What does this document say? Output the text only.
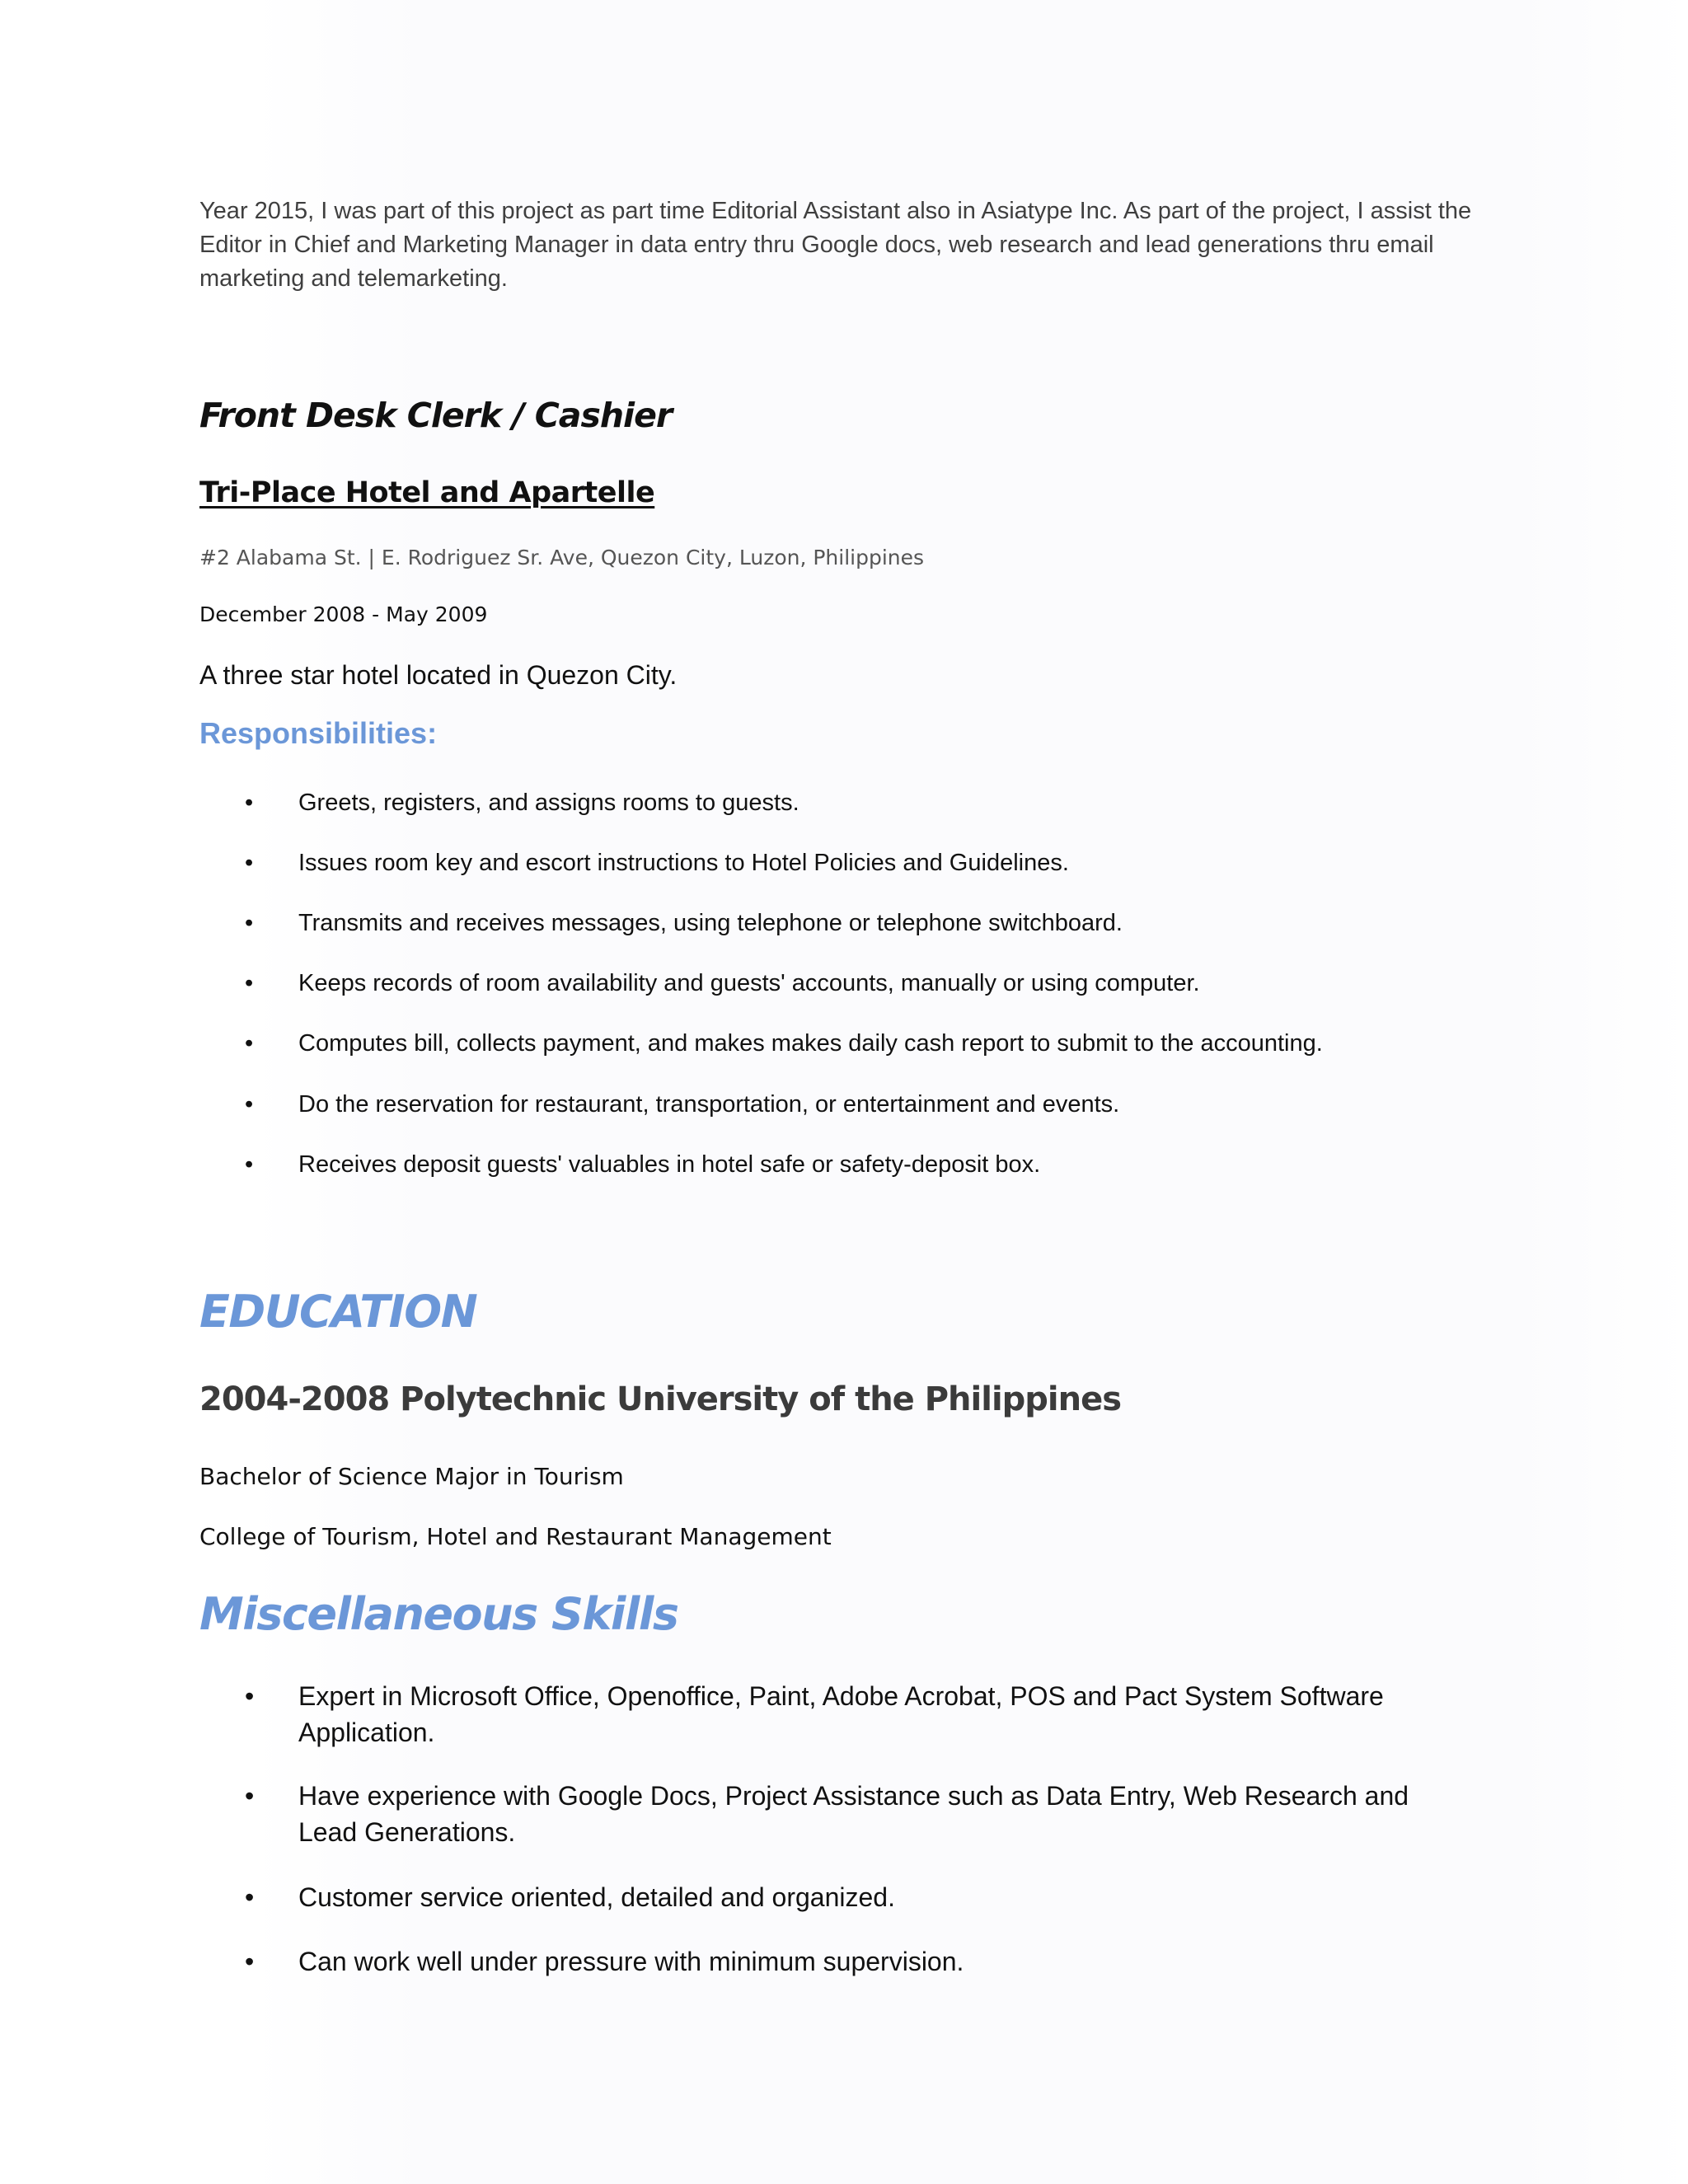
Year 2015, I was part of this project as part time Editorial Assistant also in Asiatype Inc. As part of the project, I assist the Editor in Chief and Marketing Manager in data entry thru Google docs, web research and lead generations thru email marketing and telemarketing.

Front Desk Clerk / Cashier
Tri-Place Hotel and Apartelle
#2 Alabama St. | E. Rodriguez Sr. Ave, Quezon City, Luzon, Philippines
December 2008 - May 2009
A three star hotel located in Quezon City.
Responsibilities:
• Greets, registers, and assigns rooms to guests.
• Issues room key and escort instructions to Hotel Policies and Guidelines.
• Transmits and receives messages, using telephone or telephone switchboard.
• Keeps records of room availability and guests' accounts, manually or using computer.
• Computes bill, collects payment, and makes makes daily cash report to submit to the accounting.
• Do the reservation for restaurant, transportation, or entertainment and events.
• Receives deposit guests' valuables in hotel safe or safety-deposit box.
EDUCATION
2004-2008 Polytechnic University of the Philippines
Bachelor of Science Major in Tourism
College of Tourism, Hotel and Restaurant Management
Miscellaneous Skills
• Expert in Microsoft Office, Openoffice, Paint, Adobe Acrobat, POS and Pact System Software Application.
• Have experience with Google Docs, Project Assistance such as Data Entry, Web Research and Lead Generations.
• Customer service oriented, detailed and organized.
• Can work well under pressure with minimum supervision.
